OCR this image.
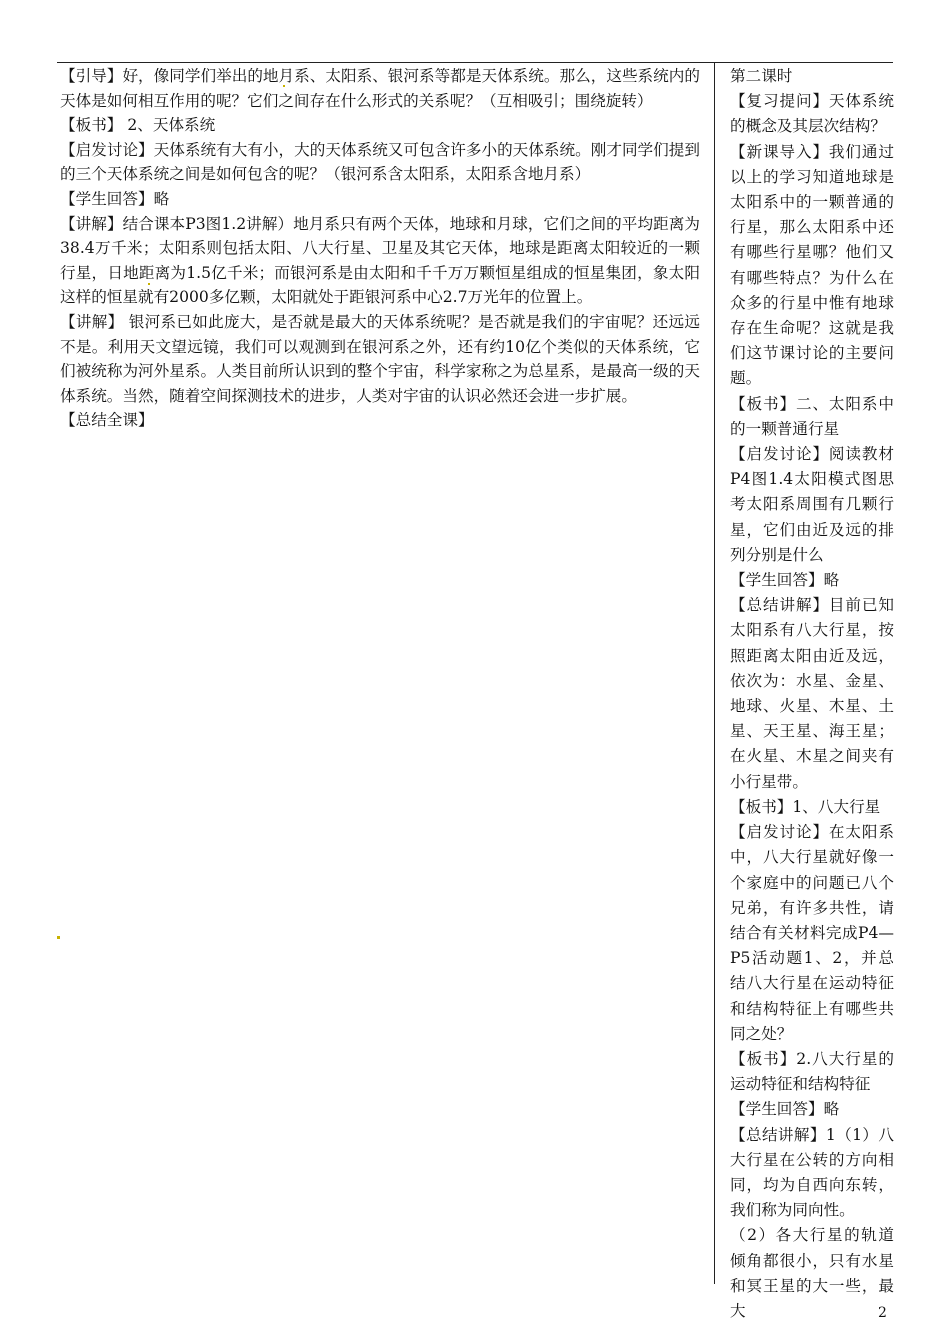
【引导】好，像同学们举出的地月系、太阳系、银河系等都是天体系统。那么，这些系统内的天体是如何相互作用的呢？它们之间存在什么形式的关系呢？（互相吸引；围绕旋转）

【板书】 2、天体系统

【启发讨论】天体系统有大有小，大的天体系统又可包含许多小的天体系统。刚才同学们提到的三个天体系统之间是如何包含的呢？（银河系含太阳系，太阳系含地月系）

【学生回答】略

【讲解】结合课本P3图1.2讲解）地月系只有两个天体，地球和月球，它们之间的平均距离为38.4万千米；太阳系则包括太阳、八大行星、卫星及其它天体，地球是距离太阳较近的一颗行星，日地距离为1.5亿千米；而银河系是由太阳和千千万万颗恒星组成的恒星集团，象太阳这样的恒星就有2000多亿颗，太阳就处于距银河系中心2.7万光年的位置上。

【讲解】 银河系已如此庞大，是否就是最大的天体系统呢？是否就是我们的宇宙呢？还远远不是。利用天文望远镜，我们可以观测到在银河系之外，还有约10亿个类似的天体系统，它们被统称为河外星系。人类目前所认识到的整个宇宙，科学家称之为总星系，是最高一级的天体系统。当然，随着空间探测技术的进步，人类对宇宙的认识必然还会进一步扩展。

【总结全课】

第二课时

【复习提问】天体系统的概念及其层次结构？

【新课导入】我们通过以上的学习知道地球是太阳系中的一颗普通的行星，那么太阳系中还有哪些行星哪？他们又有哪些特点？为什么在众多的行星中惟有地球存在生命呢？这就是我们这节课讨论的主要问题。

【板书】二、太阳系中的一颗普通行星

【启发讨论】阅读教材P4图1.4太阳模式图思考太阳系周围有几颗行星，它们由近及远的排列分别是什么

【学生回答】略

【总结讲解】目前已知太阳系有八大行星，按照距离太阳由近及远，依次为：水星、金星、地球、火星、木星、土星、天王星、海王星；在火星、木星之间夹有小行星带。

【板书】1、八大行星

【启发讨论】在太阳系中，八大行星就好像一个家庭中的问题已八个兄弟，有许多共性，请结合有关材料完成P4—P5活动题1、2，并总结八大行星在运动特征和结构特征上有哪些共同之处？

【板书】2.八大行星的运动特征和结构特征

【学生回答】略

【总结讲解】1（1）八大行星在公转的方向相同，均为自西向东转，我们称为同向性。

（2）各大行星的轨道倾角都很小，只有水星和冥王星的大一些，最大	2
